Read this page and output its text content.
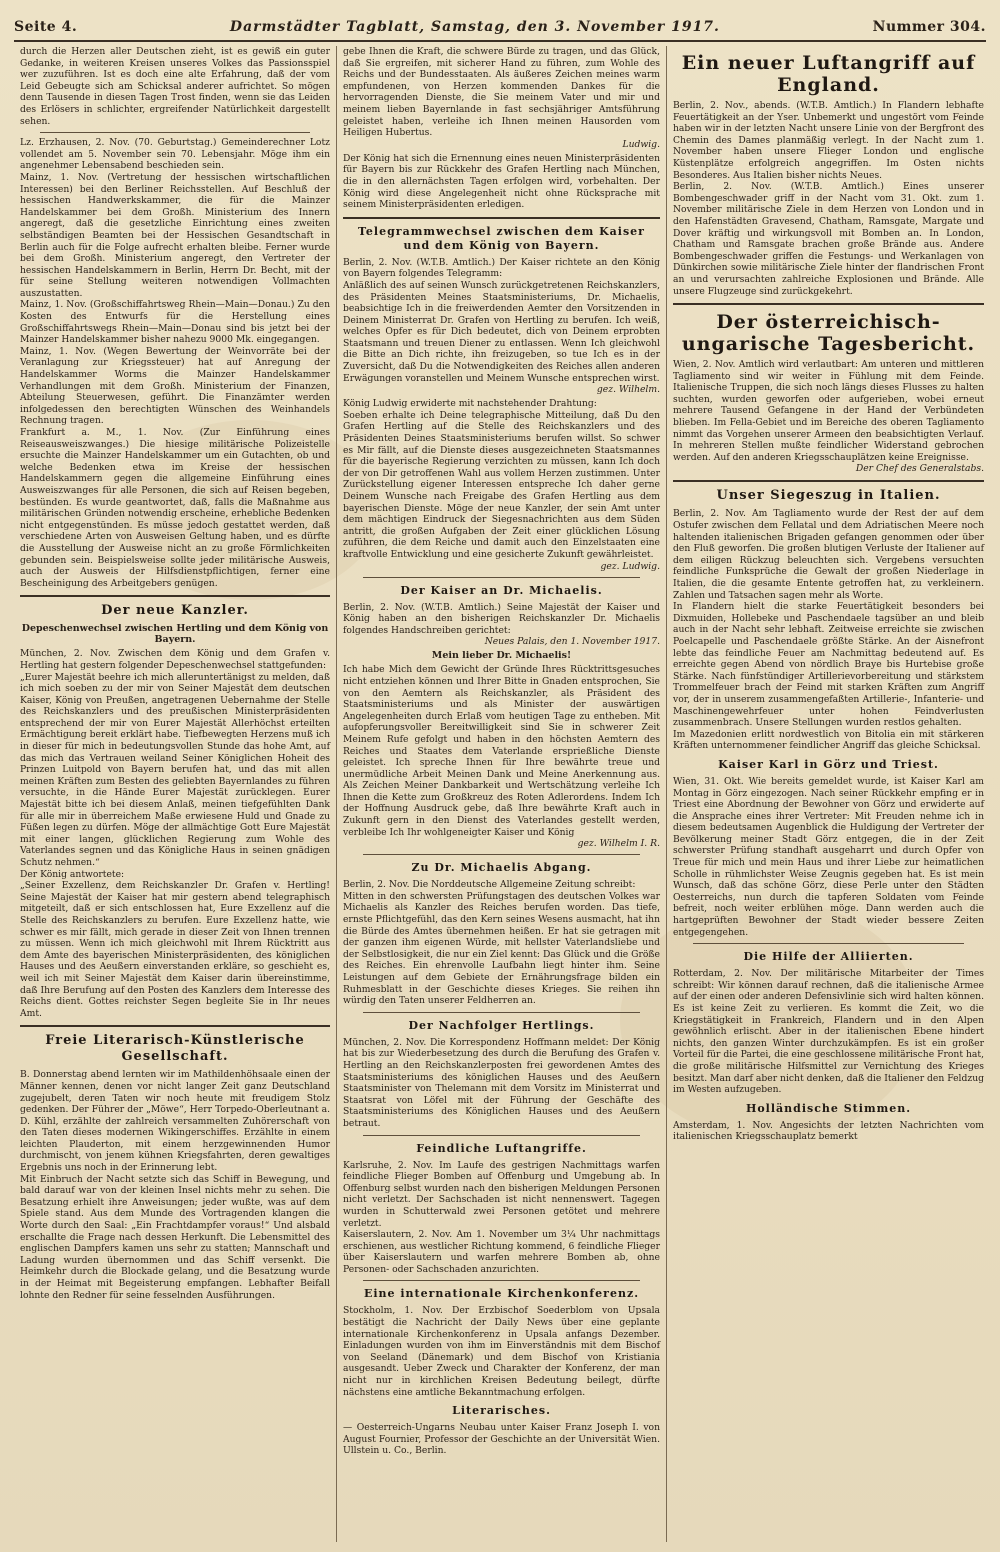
Seite 4.	Darmstädter Tagblatt, Samstag, den 3. November 1917.	Nummer 304.

durch die Herzen aller Deutschen zieht, ist es gewiß ein guter Gedanke, in weiteren Kreisen unseres Volkes das Passionsspiel wer zuzuführen. Ist es doch eine alte Erfahrung, daß der vom Leid Gebeugte sich am Schicksal anderer aufrichtet. So mögen denn Tausende in diesen Tagen Trost finden, wenn sie das Leiden des Erlösers in schlichter, ergreifender Natürlichkeit dargestellt sehen.

Lz. Erzhausen, 2. Nov. (70. Geburtstag.) Gemeinderechner Lotz vollendet am 5. November sein 70. Lebensjahr. Möge ihm ein angenehmer Lebensabend beschieden sein.

Mainz, 1. Nov. (Vertretung der hessischen wirtschaftlichen Interessen) bei den Berliner Reichsstellen. Auf Beschluß der hessischen Handwerkskammer, die für die Mainzer Handelskammer bei dem Großh. Ministerium des Innern angeregt, daß die gesetzliche Einrichtung eines zweiten selbständigen Beamten bei der Hessischen Gesandtschaft in Berlin auch für die Folge aufrecht erhalten bleibe. Ferner wurde bei dem Großh. Ministerium angeregt, den Vertreter der hessischen Handelskammern in Berlin, Herrn Dr. Becht, mit der für seine Stellung weiteren notwendigen Vollmachten auszustatten.

Mainz, 1. Nov. (Großschiffahrtsweg Rhein—Main—Donau.) Zu den Kosten des Entwurfs für die Herstellung eines Großschiffahrtswegs Rhein—Main—Donau sind bis jetzt bei der Mainzer Handelskammer bisher nahezu 9000 Mk. eingegangen.

Mainz, 1. Nov. (Wegen Bewertung der Weinvorräte bei der Veranlagung zur Kriegssteuer) hat auf Anregung der Handelskammer Worms die Mainzer Handelskammer Verhandlungen mit dem Großh. Ministerium der Finanzen, Abteilung Steuerwesen, geführt. Die Finanzämter werden infolgedessen den berechtigten Wünschen des Weinhandels Rechnung tragen.

Frankfurt a. M., 1. Nov. (Zur Einführung eines Reiseausweiszwanges.) Die hiesige militärische Polizeistelle ersuchte die Mainzer Handelskammer um ein Gutachten, ob und welche Bedenken etwa im Kreise der hessischen Handelskammern gegen die allgemeine Einführung eines Ausweiszwanges für alle Personen, die sich auf Reisen begeben, bestünden. Es wurde geantwortet, daß, falls die Maßnahme aus militärischen Gründen notwendig erscheine, erhebliche Bedenken nicht entgegenstünden. Es müsse jedoch gestattet werden, daß verschiedene Arten von Ausweisen Geltung haben, und es dürfte die Ausstellung der Ausweise nicht an zu große Förmlichkeiten gebunden sein. Beispielsweise sollte jeder militärische Ausweis, auch der Ausweis der Hilfsdienstpflichtigen, ferner eine Bescheinigung des Arbeitgebers genügen.

Der neue Kanzler.
Depeschenwechsel zwischen Hertling und dem König von Bayern.

München, 2. Nov. Zwischen dem König und dem Grafen v. Hertling hat gestern folgender Depeschenwechsel stattgefunden:

„Eurer Majestät beehre ich mich alleruntertänigst zu melden, daß ich mich soeben zu der mir von Seiner Majestät dem deutschen Kaiser, König von Preußen, angetragenen Uebernahme der Stelle des Reichskanzlers und des preußischen Ministerpräsidenten entsprechend der mir von Eurer Majestät Allerhöchst erteilten Ermächtigung bereit erklärt habe. Tiefbewegten Herzens muß ich in dieser für mich in bedeutungsvollen Stunde das hohe Amt, auf das mich das Vertrauen weiland Seiner Königlichen Hoheit des Prinzen Luitpold von Bayern berufen hat, und das mit allen meinen Kräften zum Besten des geliebten Bayernlandes zu führen versuchte, in die Hände Eurer Majestät zurücklegen. Eurer Majestät bitte ich bei diesem Anlaß, meinen tiefgefühlten Dank für alle mir in überreichem Maße erwiesene Huld und Gnade zu Füßen legen zu dürfen. Möge der allmächtige Gott Eure Majestät mit einer langen, glücklichen Regierung zum Wohle des Vaterlandes segnen und das Königliche Haus in seinen gnädigen Schutz nehmen.“

Der König antwortete:

„Seiner Exzellenz, dem Reichskanzler Dr. Grafen v. Hertling! Seine Majestät der Kaiser hat mir gestern abend telegraphisch mitgeteilt, daß er sich entschlossen hat, Eure Exzellenz auf die Stelle des Reichskanzlers zu berufen. Eure Exzellenz hatte, wie schwer es mir fällt, mich gerade in dieser Zeit von Ihnen trennen zu müssen. Wenn ich mich gleichwohl mit Ihrem Rücktritt aus dem Amte des bayerischen Ministerpräsidenten, des königlichen Hauses und des Aeußern einverstanden erkläre, so geschieht es, weil ich mit Seiner Majestät dem Kaiser darin übereinstimme, daß Ihre Berufung auf den Posten des Kanzlers dem Interesse des Reichs dient. Gottes reichster Segen begleite Sie in Ihr neues Amt.

Freie Literarisch-Künstlerische Gesellschaft.

B. Donnerstag abend lernten wir im Mathildenhöhsaale einen der Männer kennen, denen vor nicht langer Zeit ganz Deutschland zugejubelt, deren Taten wir noch heute mit freudigem Stolz gedenken. Der Führer der „Möwe“, Herr Torpedo-Oberleutnant a. D. Kühl, erzählte der zahlreich versammelten Zuhörerschaft von den Taten dieses modernen Wikingerschiffes. Erzählte in einem leichten Plauderton, mit einem herzgewinnenden Humor durchmischt, von jenem kühnen Kriegsfahrten, deren gewaltiges Ergebnis uns noch in der Erinnerung lebt.

Mit Einbruch der Nacht setzte sich das Schiff in Bewegung, und bald darauf war von der kleinen Insel nichts mehr zu sehen. Die Besatzung erhielt ihre Anweisungen; jeder wußte, was auf dem Spiele stand. Aus dem Munde des Vortragenden klangen die Worte durch den Saal: „Ein Frachtdampfer voraus!“ Und alsbald erschallte die Frage nach dessen Herkunft. Die Lebensmittel des englischen Dampfers kamen uns sehr zu statten; Mannschaft und Ladung wurden übernommen und das Schiff versenkt. Die Heimkehr durch die Blockade gelang, und die Besatzung wurde in der Heimat mit Begeisterung empfangen. Lebhafter Beifall lohnte den Redner für seine fesselnden Ausführungen.

gebe Ihnen die Kraft, die schwere Bürde zu tragen, und das Glück, daß Sie ergreifen, mit sicherer Hand zu führen, zum Wohle des Reichs und der Bundesstaaten. Als äußeres Zeichen meines warm empfundenen, von Herzen kommenden Dankes für die hervorragenden Dienste, die Sie meinem Vater und mir und meinem lieben Bayernlande in fast sechsjähriger Amtsführung geleistet haben, verleihe ich Ihnen meinen Hausorden vom Heiligen Hubertus.

Ludwig.

Der König hat sich die Ernennung eines neuen Ministerpräsidenten für Bayern bis zur Rückkehr des Grafen Hertling nach München, die in den allernächsten Tagen erfolgen wird, vorbehalten. Der König wird diese Angelegenheit nicht ohne Rücksprache mit seinem Ministerpräsidenten erledigen.

Telegrammwechsel zwischen dem Kaiser und dem König von Bayern.

Berlin, 2. Nov. (W.T.B. Amtlich.) Der Kaiser richtete an den König von Bayern folgendes Telegramm:

Anläßlich des auf seinen Wunsch zurückgetretenen Reichskanzlers, des Präsidenten Meines Staatsministeriums, Dr. Michaelis, beabsichtige Ich in die freiwerdenden Aemter den Vorsitzenden in Deinem Ministerrat Dr. Grafen von Hertling zu berufen. Ich weiß, welches Opfer es für Dich bedeutet, dich von Deinem erprobten Staatsmann und treuen Diener zu entlassen. Wenn Ich gleichwohl die Bitte an Dich richte, ihn freizugeben, so tue Ich es in der Zuversicht, daß Du die Notwendigkeiten des Reiches allen anderen Erwägungen voranstellen und Meinem Wunsche entsprechen wirst.

gez. Wilhelm.

König Ludwig erwiderte mit nachstehender Drahtung:

Soeben erhalte ich Deine telegraphische Mitteilung, daß Du den Grafen Hertling auf die Stelle des Reichskanzlers und des Präsidenten Deines Staatsministeriums berufen willst. So schwer es Mir fällt, auf die Dienste dieses ausgezeichneten Staatsmannes für die bayerische Regierung verzichten zu müssen, kann Ich doch der von Dir getroffenen Wahl aus vollem Herzen zustimmen. Unter Zurückstellung eigener Interessen entspreche Ich daher gerne Deinem Wunsche nach Freigabe des Grafen Hertling aus dem bayerischen Dienste. Möge der neue Kanzler, der sein Amt unter dem mächtigen Eindruck der Siegesnachrichten aus dem Süden antritt, die großen Aufgaben der Zeit einer glücklichen Lösung zuführen, die dem Reiche und damit auch den Einzelstaaten eine kraftvolle Entwicklung und eine gesicherte Zukunft gewährleistet.

gez. Ludwig.

Der Kaiser an Dr. Michaelis.

Berlin, 2. Nov. (W.T.B. Amtlich.) Seine Majestät der Kaiser und König haben an den bisherigen Reichskanzler Dr. Michaelis folgendes Handschreiben gerichtet:

Neues Palais, den 1. November 1917.

Mein lieber Dr. Michaelis!

Ich habe Mich dem Gewicht der Gründe Ihres Rücktrittsgesuches nicht entziehen können und Ihrer Bitte in Gnaden entsprochen, Sie von den Aemtern als Reichskanzler, als Präsident des Staatsministeriums und als Minister der auswärtigen Angelegenheiten durch Erlaß vom heutigen Tage zu entheben. Mit aufopferungsvoller Bereitwilligkeit sind Sie in schwerer Zeit Meinem Rufe gefolgt und haben in den höchsten Aemtern des Reiches und Staates dem Vaterlande ersprießliche Dienste geleistet. Ich spreche Ihnen für Ihre bewährte treue und unermüdliche Arbeit Meinen Dank und Meine Anerkennung aus. Als Zeichen Meiner Dankbarkeit und Wertschätzung verleihe Ich Ihnen die Kette zum Großkreuz des Roten Adlerordens. Indem Ich der Hoffnung Ausdruck gebe, daß Ihre bewährte Kraft auch in Zukunft gern in den Dienst des Vaterlandes gestellt werden, verbleibe Ich Ihr wohlgeneigter Kaiser und König

gez. Wilhelm I. R.

Zu Dr. Michaelis Abgang.

Berlin, 2. Nov. Die Norddeutsche Allgemeine Zeitung schreibt:

Mitten in den schwersten Prüfungstagen des deutschen Volkes war Michaelis als Kanzler des Reiches berufen worden. Das tiefe, ernste Pflichtgefühl, das den Kern seines Wesens ausmacht, hat ihn die Bürde des Amtes übernehmen heißen. Er hat sie getragen mit der ganzen ihm eigenen Würde, mit hellster Vaterlandsliebe und der Selbstlosigkeit, die nur ein Ziel kennt: Das Glück und die Größe des Reiches. Ein ehrenvolle Laufbahn liegt hinter ihm. Seine Leistungen auf dem Gebiete der Ernährungsfrage bilden ein Ruhmesblatt in der Geschichte dieses Krieges. Sie reihen ihn würdig den Taten unserer Feldherren an.

Der Nachfolger Hertlings.

München, 2. Nov. Die Korrespondenz Hoffmann meldet: Der König hat bis zur Wiederbesetzung des durch die Berufung des Grafen v. Hertling an den Reichskanzlerposten frei gewordenen Amtes des Staatsministeriums des königlichen Hauses und des Aeußern Staatsminister von Thelemann mit dem Vorsitz im Ministerrat und Staatsrat von Löfel mit der Führung der Geschäfte des Staatsministeriums des Königlichen Hauses und des Aeußern betraut.

Feindliche Luftangriffe.

Karlsruhe, 2. Nov. Im Laufe des gestrigen Nachmittags warfen feindliche Flieger Bomben auf Offenburg und Umgebung ab. In Offenburg selbst wurden nach den bisherigen Meldungen Personen nicht verletzt. Der Sachschaden ist nicht nennenswert. Tagegen wurden in Schutterwald zwei Personen getötet und mehrere verletzt.

Kaiserslautern, 2. Nov. Am 1. November um 3¼ Uhr nachmittags erschienen, aus westlicher Richtung kommend, 6 feindliche Flieger über Kaiserslautern und warfen mehrere Bomben ab, ohne Personen- oder Sachschaden anzurichten.

Eine internationale Kirchenkonferenz.

Stockholm, 1. Nov. Der Erzbischof Soederblom von Upsala bestätigt die Nachricht der Daily News über eine geplante internationale Kirchenkonferenz in Upsala anfangs Dezember. Einladungen wurden von ihm im Einverständnis mit dem Bischof von Seeland (Dänemark) und dem Bischof von Kristiania ausgesandt. Ueber Zweck und Charakter der Konferenz, der man nicht nur in kirchlichen Kreisen Bedeutung beilegt, dürfte nächstens eine amtliche Bekanntmachung erfolgen.

Literarisches.

— Oesterreich-Ungarns Neubau unter Kaiser Franz Joseph I. von August Fournier, Professor der Geschichte an der Universität Wien. Ullstein u. Co., Berlin.

Ein neuer Luftangriff auf England.

Berlin, 2. Nov., abends. (W.T.B. Amtlich.) In Flandern lebhafte Feuertätigkeit an der Yser. Unbemerkt und ungestört vom Feinde haben wir in der letzten Nacht unsere Linie von der Bergfront des Chemin des Dames planmäßig verlegt. In der Nacht zum 1. November haben unsere Flieger London und englische Küstenplätze erfolgreich angegriffen. Im Osten nichts Besonderes. Aus Italien bisher nichts Neues.

Berlin, 2. Nov. (W.T.B. Amtlich.) Eines unserer Bombengeschwader griff in der Nacht vom 31. Okt. zum 1. November militärische Ziele in dem Herzen von London und in den Hafenstädten Gravesend, Chatham, Ramsgate, Margate und Dover kräftig und wirkungsvoll mit Bomben an. In London, Chatham und Ramsgate brachen große Brände aus. Andere Bombengeschwader griffen die Festungs- und Werkanlagen von Dünkirchen sowie militärische Ziele hinter der flandrischen Front an und verursachten zahlreiche Explosionen und Brände. Alle unsere Flugzeuge sind zurückgekehrt.

Der österreichisch-ungarische Tagesbericht.

Wien, 2. Nov. Amtlich wird verlautbart: Am unteren und mittleren Tagliamento sind wir weiter in Fühlung mit dem Feinde. Italienische Truppen, die sich noch längs dieses Flusses zu halten suchten, wurden geworfen oder aufgerieben, wobei erneut mehrere Tausend Gefangene in der Hand der Verbündeten blieben. Im Fella-Gebiet und im Bereiche des oberen Tagliamento nimmt das Vorgehen unserer Armeen den beabsichtigten Verlauf. In mehreren Stellen mußte feindlicher Widerstand gebrochen werden. Auf den anderen Kriegsschauplätzen keine Ereignisse.

Der Chef des Generalstabs.

Unser Siegeszug in Italien.

Berlin, 2. Nov. Am Tagliamento wurde der Rest der auf dem Ostufer zwischen dem Fellatal und dem Adriatischen Meere noch haltenden italienischen Brigaden gefangen genommen oder über den Fluß geworfen. Die großen blutigen Verluste der Italiener auf dem eiligen Rückzug beleuchten sich. Vergebens versuchten feindliche Funksprüche die Gewalt der großen Niederlage in Italien, die die gesamte Entente getroffen hat, zu verkleinern. Zahlen und Tatsachen sagen mehr als Worte.

In Flandern hielt die starke Feuertätigkeit besonders bei Dixmuiden, Hollebeke und Paschendaele tagsüber an und bleib auch in der Nacht sehr lebhaft. Zeitweise erreichte sie zwischen Poelcapelle und Paschendaele größte Stärke. An der Aisnefront lebte das feindliche Feuer am Nachmittag bedeutend auf. Es erreichte gegen Abend von nördlich Braye bis Hurtebise große Stärke. Nach fünfstündiger Artillerievorbereitung und stärkstem Trommelfeuer brach der Feind mit starken Kräften zum Angriff vor, der in unserem zusammengefaßten Artillerie-, Infanterie- und Maschinengewehrfeuer unter hohen Feindverlusten zusammenbrach. Unsere Stellungen wurden restlos gehalten.

Im Mazedonien erlitt nordwestlich von Bitolia ein mit stärkeren Kräften unternommener feindlicher Angriff das gleiche Schicksal.

Kaiser Karl in Görz und Triest.

Wien, 31. Okt. Wie bereits gemeldet wurde, ist Kaiser Karl am Montag in Görz eingezogen. Nach seiner Rückkehr empfing er in Triest eine Abordnung der Bewohner von Görz und erwiderte auf die Ansprache eines ihrer Vertreter: Mit Freuden nehme ich in diesem bedeutsamen Augenblick die Huldigung der Vertreter der Bevölkerung meiner Stadt Görz entgegen, die in der Zeit schwerster Prüfung standhaft ausgeharrt und durch Opfer von Treue für mich und mein Haus und ihrer Liebe zur heimatlichen Scholle in rühmlichster Weise Zeugnis gegeben hat. Es ist mein Wunsch, daß das schöne Görz, diese Perle unter den Städten Oesterreichs, nun durch die tapferen Soldaten vom Feinde befreit, noch weiter erblühen möge. Dann werden auch die hartgeprüften Bewohner der Stadt wieder bessere Zeiten entgegengehen.

Die Hilfe der Alliierten.

Rotterdam, 2. Nov. Der militärische Mitarbeiter der Times schreibt: Wir können darauf rechnen, daß die italienische Armee auf der einen oder anderen Defensivlinie sich wird halten können. Es ist keine Zeit zu verlieren. Es kommt die Zeit, wo die Kriegstätigkeit in Frankreich, Flandern und in den Alpen gewöhnlich erlischt. Aber in der italienischen Ebene hindert nichts, den ganzen Winter durchzukämpfen. Es ist ein großer Vorteil für die Partei, die eine geschlossene militärische Front hat, die große militärische Hilfsmittel zur Vernichtung des Krieges besitzt. Man darf aber nicht denken, daß die Italiener den Feldzug im Westen aufzugeben.

Holländische Stimmen.

Amsterdam, 1. Nov. Angesichts der letzten Nachrichten vom italienischen Kriegsschauplatz bemerkt
